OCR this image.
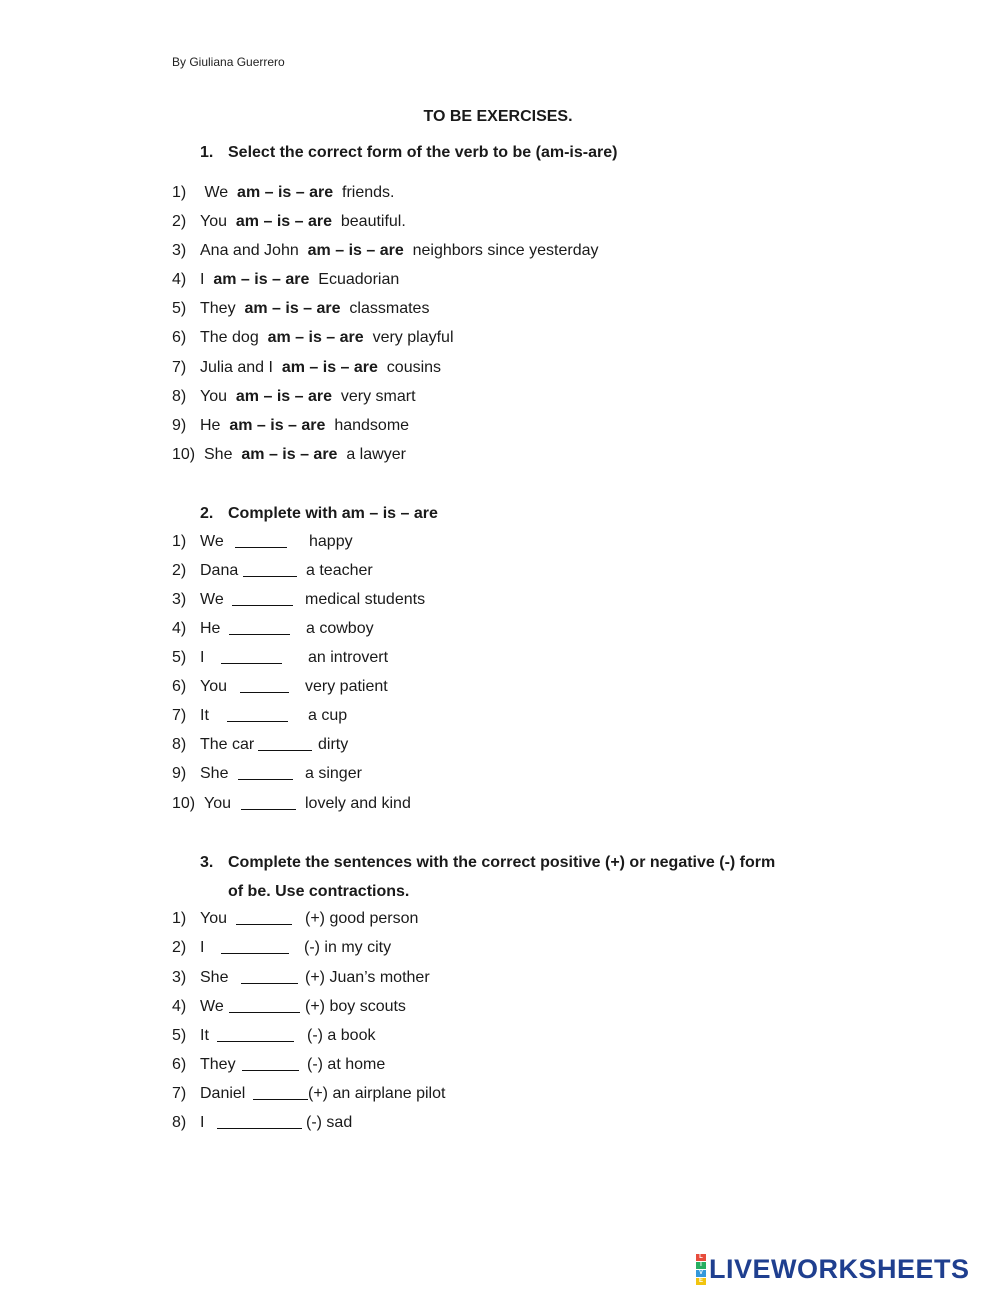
By Giuliana Guerrero
TO BE EXERCISES.
1. Select the correct form of the verb to be (am-is-are)
1) We  am – is – are  friends.
2) You  am – is – are  beautiful.
3) Ana and John  am – is – are  neighbors since yesterday
4) I  am – is – are  Ecuadorian
5) They  am – is – are  classmates
6) The dog  am – is – are  very playful
7) Julia and I  am – is – are  cousins
8) You  am – is – are  very smart
9) He  am – is – are  handsome
10) She  am – is – are  a lawyer
2. Complete with am – is – are
1) We	happy
2) Dana	a teacher
3) We	medical students
4) He	a cowboy
5) I	an introvert
6) You	very patient
7) It	a cup
8) The car	dirty
9) She	a singer
10) You	lovely and kind
3. Complete the sentences with the correct positive (+) or negative (-) form
of be. Use contractions.
1) You	(+) good person
2) I	(-) in my city
3) She	(+) Juan’s mother
4) We	(+) boy scouts
5) It	(-) a book
6) They	(-) at home
7) Daniel	(+) an airplane pilot
8) I	(-) sad
L
I
V
E LIVEWORKSHEETS
